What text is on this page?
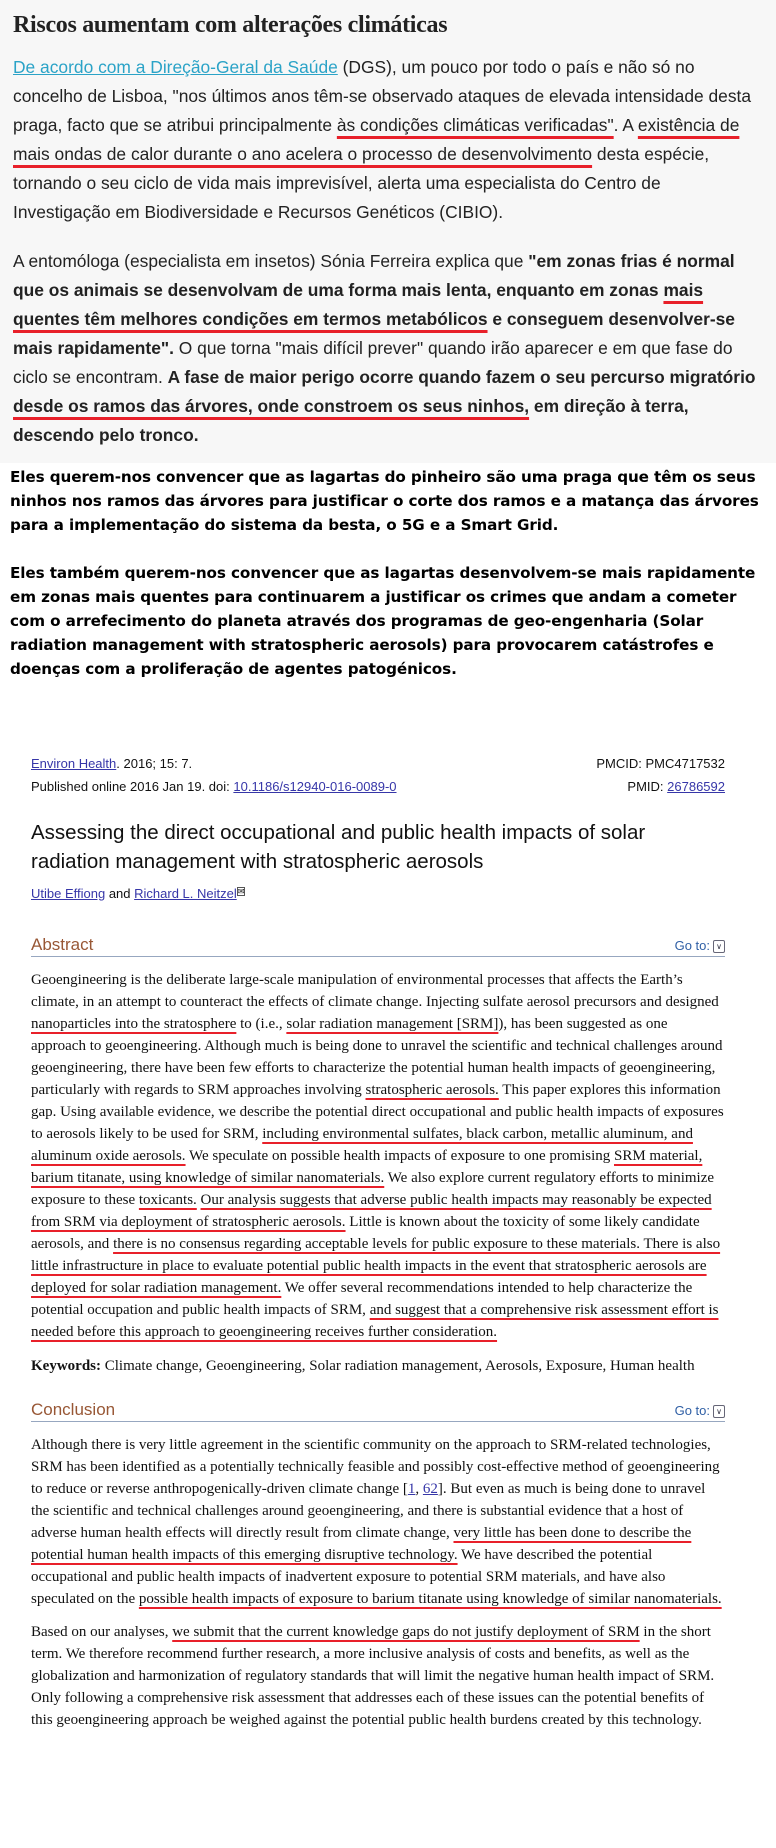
Riscos aumentam com alterações climáticas

De acordo com a Direção-Geral da Saúde (DGS), um pouco por todo o país e não só no concelho de Lisboa, "nos últimos anos têm-se observado ataques de elevada intensidade desta praga, facto que se atribui principalmente às condições climáticas verificadas". A existência de mais ondas de calor durante o ano acelera o processo de desenvolvimento desta espécie, tornando o seu ciclo de vida mais imprevisível, alerta uma especialista do Centro de Investigação em Biodiversidade e Recursos Genéticos (CIBIO).

A entomóloga (especialista em insetos) Sónia Ferreira explica que "em zonas frias é normal que os animais se desenvolvam de uma forma mais lenta, enquanto em zonas mais quentes têm melhores condições em termos metabólicos e conseguem desenvolver-se mais rapidamente". O que torna "mais difícil prever" quando irão aparecer e em que fase do ciclo se encontram. A fase de maior perigo ocorre quando fazem o seu percurso migratório desde os ramos das árvores, onde constroem os seus ninhos, em direção à terra, descendo pelo tronco.

Eles querem-nos convencer que as lagartas do pinheiro são uma praga que têm os seus ninhos nos ramos das árvores para justificar o corte dos ramos e a matança das árvores para a implementação do sistema da besta, o 5G e a Smart Grid.

Eles também querem-nos convencer que as lagartas desenvolvem-se mais rapidamente em zonas mais quentes para continuarem a justificar os crimes que andam a cometer com o arrefecimento do planeta através dos programas de geo-engenharia (Solar radiation management with stratospheric aerosols) para provocarem catástrofes e doenças com a proliferação de agentes patogénicos.

Environ Health. 2016; 15: 7.
Published online 2016 Jan 19. doi: 10.1186/s12940-016-0089-0
PMCID: PMC4717532
PMID: 26786592
Assessing the direct occupational and public health impacts of solar radiation management with stratospheric aerosols
Utibe Effiong and Richard L. Neitzel✉
Abstract	Go to: ∨

Geoengineering is the deliberate large-scale manipulation of environmental processes that affects the Earth’s climate, in an attempt to counteract the effects of climate change. Injecting sulfate aerosol precursors and designed nanoparticles into the stratosphere to (i.e., solar radiation management [SRM]), has been suggested as one approach to geoengineering. Although much is being done to unravel the scientific and technical challenges around geoengineering, there have been few efforts to characterize the potential human health impacts of geoengineering, particularly with regards to SRM approaches involving stratospheric aerosols. This paper explores this information gap. Using available evidence, we describe the potential direct occupational and public health impacts of exposures to aerosols likely to be used for SRM, including environmental sulfates, black carbon, metallic aluminum, and aluminum oxide aerosols. We speculate on possible health impacts of exposure to one promising SRM material, barium titanate, using knowledge of similar nanomaterials. We also explore current regulatory efforts to minimize exposure to these toxicants. Our analysis suggests that adverse public health impacts may reasonably be expected from SRM via deployment of stratospheric aerosols. Little is known about the toxicity of some likely candidate aerosols, and there is no consensus regarding acceptable levels for public exposure to these materials. There is also little infrastructure in place to evaluate potential public health impacts in the event that stratospheric aerosols are deployed for solar radiation management. We offer several recommendations intended to help characterize the potential occupation and public health impacts of SRM, and suggest that a comprehensive risk assessment effort is needed before this approach to geoengineering receives further consideration.

Keywords: Climate change, Geoengineering, Solar radiation management, Aerosols, Exposure, Human health

Conclusion	Go to: ∨

Although there is very little agreement in the scientific community on the approach to SRM-related technologies, SRM has been identified as a potentially technically feasible and possibly cost-effective method of geoengineering to reduce or reverse anthropogenically-driven climate change [1, 62]. But even as much is being done to unravel the scientific and technical challenges around geoengineering, and there is substantial evidence that a host of adverse human health effects will directly result from climate change, very little has been done to describe the potential human health impacts of this emerging disruptive technology. We have described the potential occupational and public health impacts of inadvertent exposure to potential SRM materials, and have also speculated on the possible health impacts of exposure to barium titanate using knowledge of similar nanomaterials.

Based on our analyses, we submit that the current knowledge gaps do not justify deployment of SRM in the short term. We therefore recommend further research, a more inclusive analysis of costs and benefits, as well as the globalization and harmonization of regulatory standards that will limit the negative human health impact of SRM. Only following a comprehensive risk assessment that addresses each of these issues can the potential benefits of this geoengineering approach be weighed against the potential public health burdens created by this technology.
